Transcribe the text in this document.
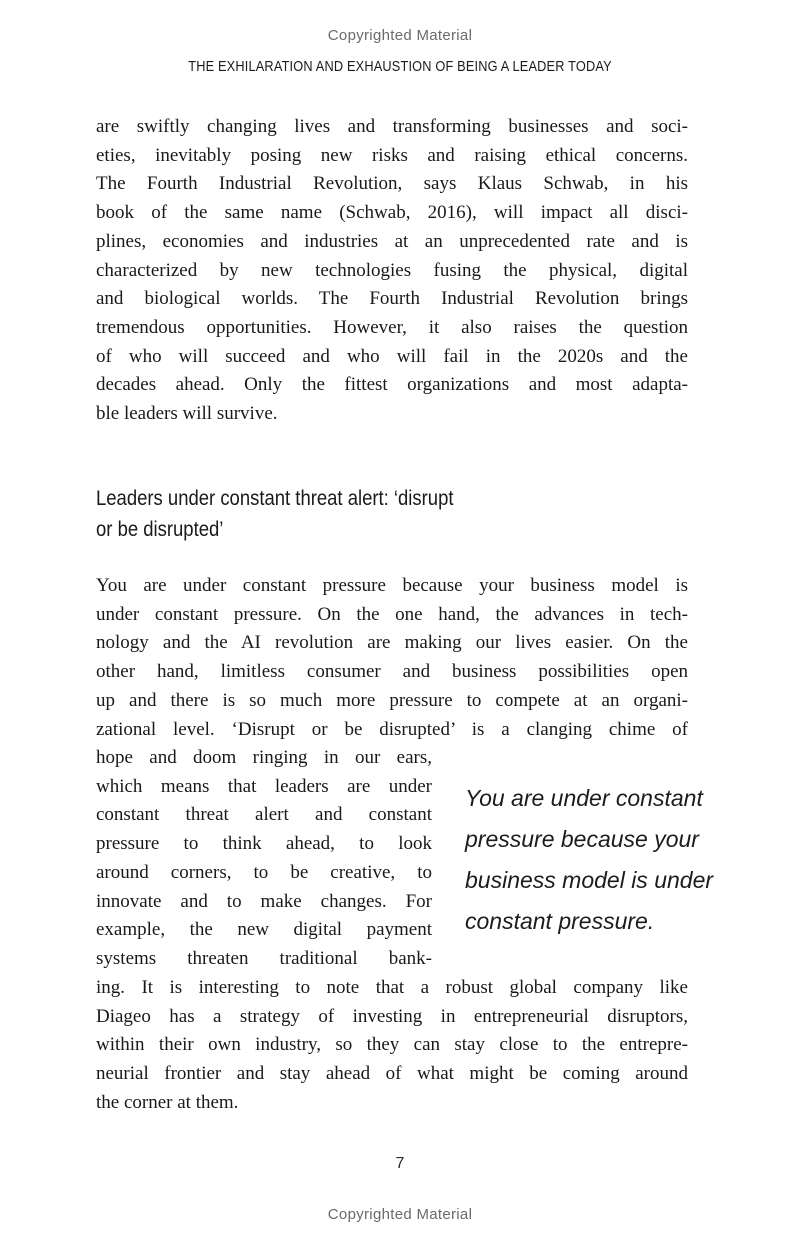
Copyrighted Material
THE EXHILARATION AND EXHAUSTION OF BEING A LEADER TODAY
are swiftly changing lives and transforming businesses and soci-
eties, inevitably posing new risks and raising ethical concerns.
The Fourth Industrial Revolution, says Klaus Schwab, in his
book of the same name (Schwab, 2016), will impact all disci-
plines, economies and industries at an unprecedented rate and is
characterized by new technologies fusing the physical, digital
and biological worlds. The Fourth Industrial Revolution brings
tremendous opportunities. However, it also raises the question
of who will succeed and who will fail in the 2020s and the
decades ahead. Only the fittest organizations and most adapta-
ble leaders will survive.
Leaders under constant threat alert: ‘disrupt
or be disrupted’
You are under constant pressure because your business model is
under constant pressure. On the one hand, the advances in tech-
nology and the AI revolution are making our lives easier. On the
other hand, limitless consumer and business possibilities open
up and there is so much more pressure to compete at an organi-
zational level. ‘Disrupt or be disrupted’ is a clanging chime of
hope and doom ringing in our ears,
which means that leaders are under
constant threat alert and constant
pressure to think ahead, to look
around corners, to be creative, to
innovate and to make changes. For
example, the new digital payment
systems threaten traditional bank-
You are under constant
pressure because your
business model is under
constant pressure.
ing. It is interesting to note that a robust global company like
Diageo has a strategy of investing in entrepreneurial disruptors,
within their own industry, so they can stay close to the entrepre-
neurial frontier and stay ahead of what might be coming around
the corner at them.
7
Copyrighted Material
